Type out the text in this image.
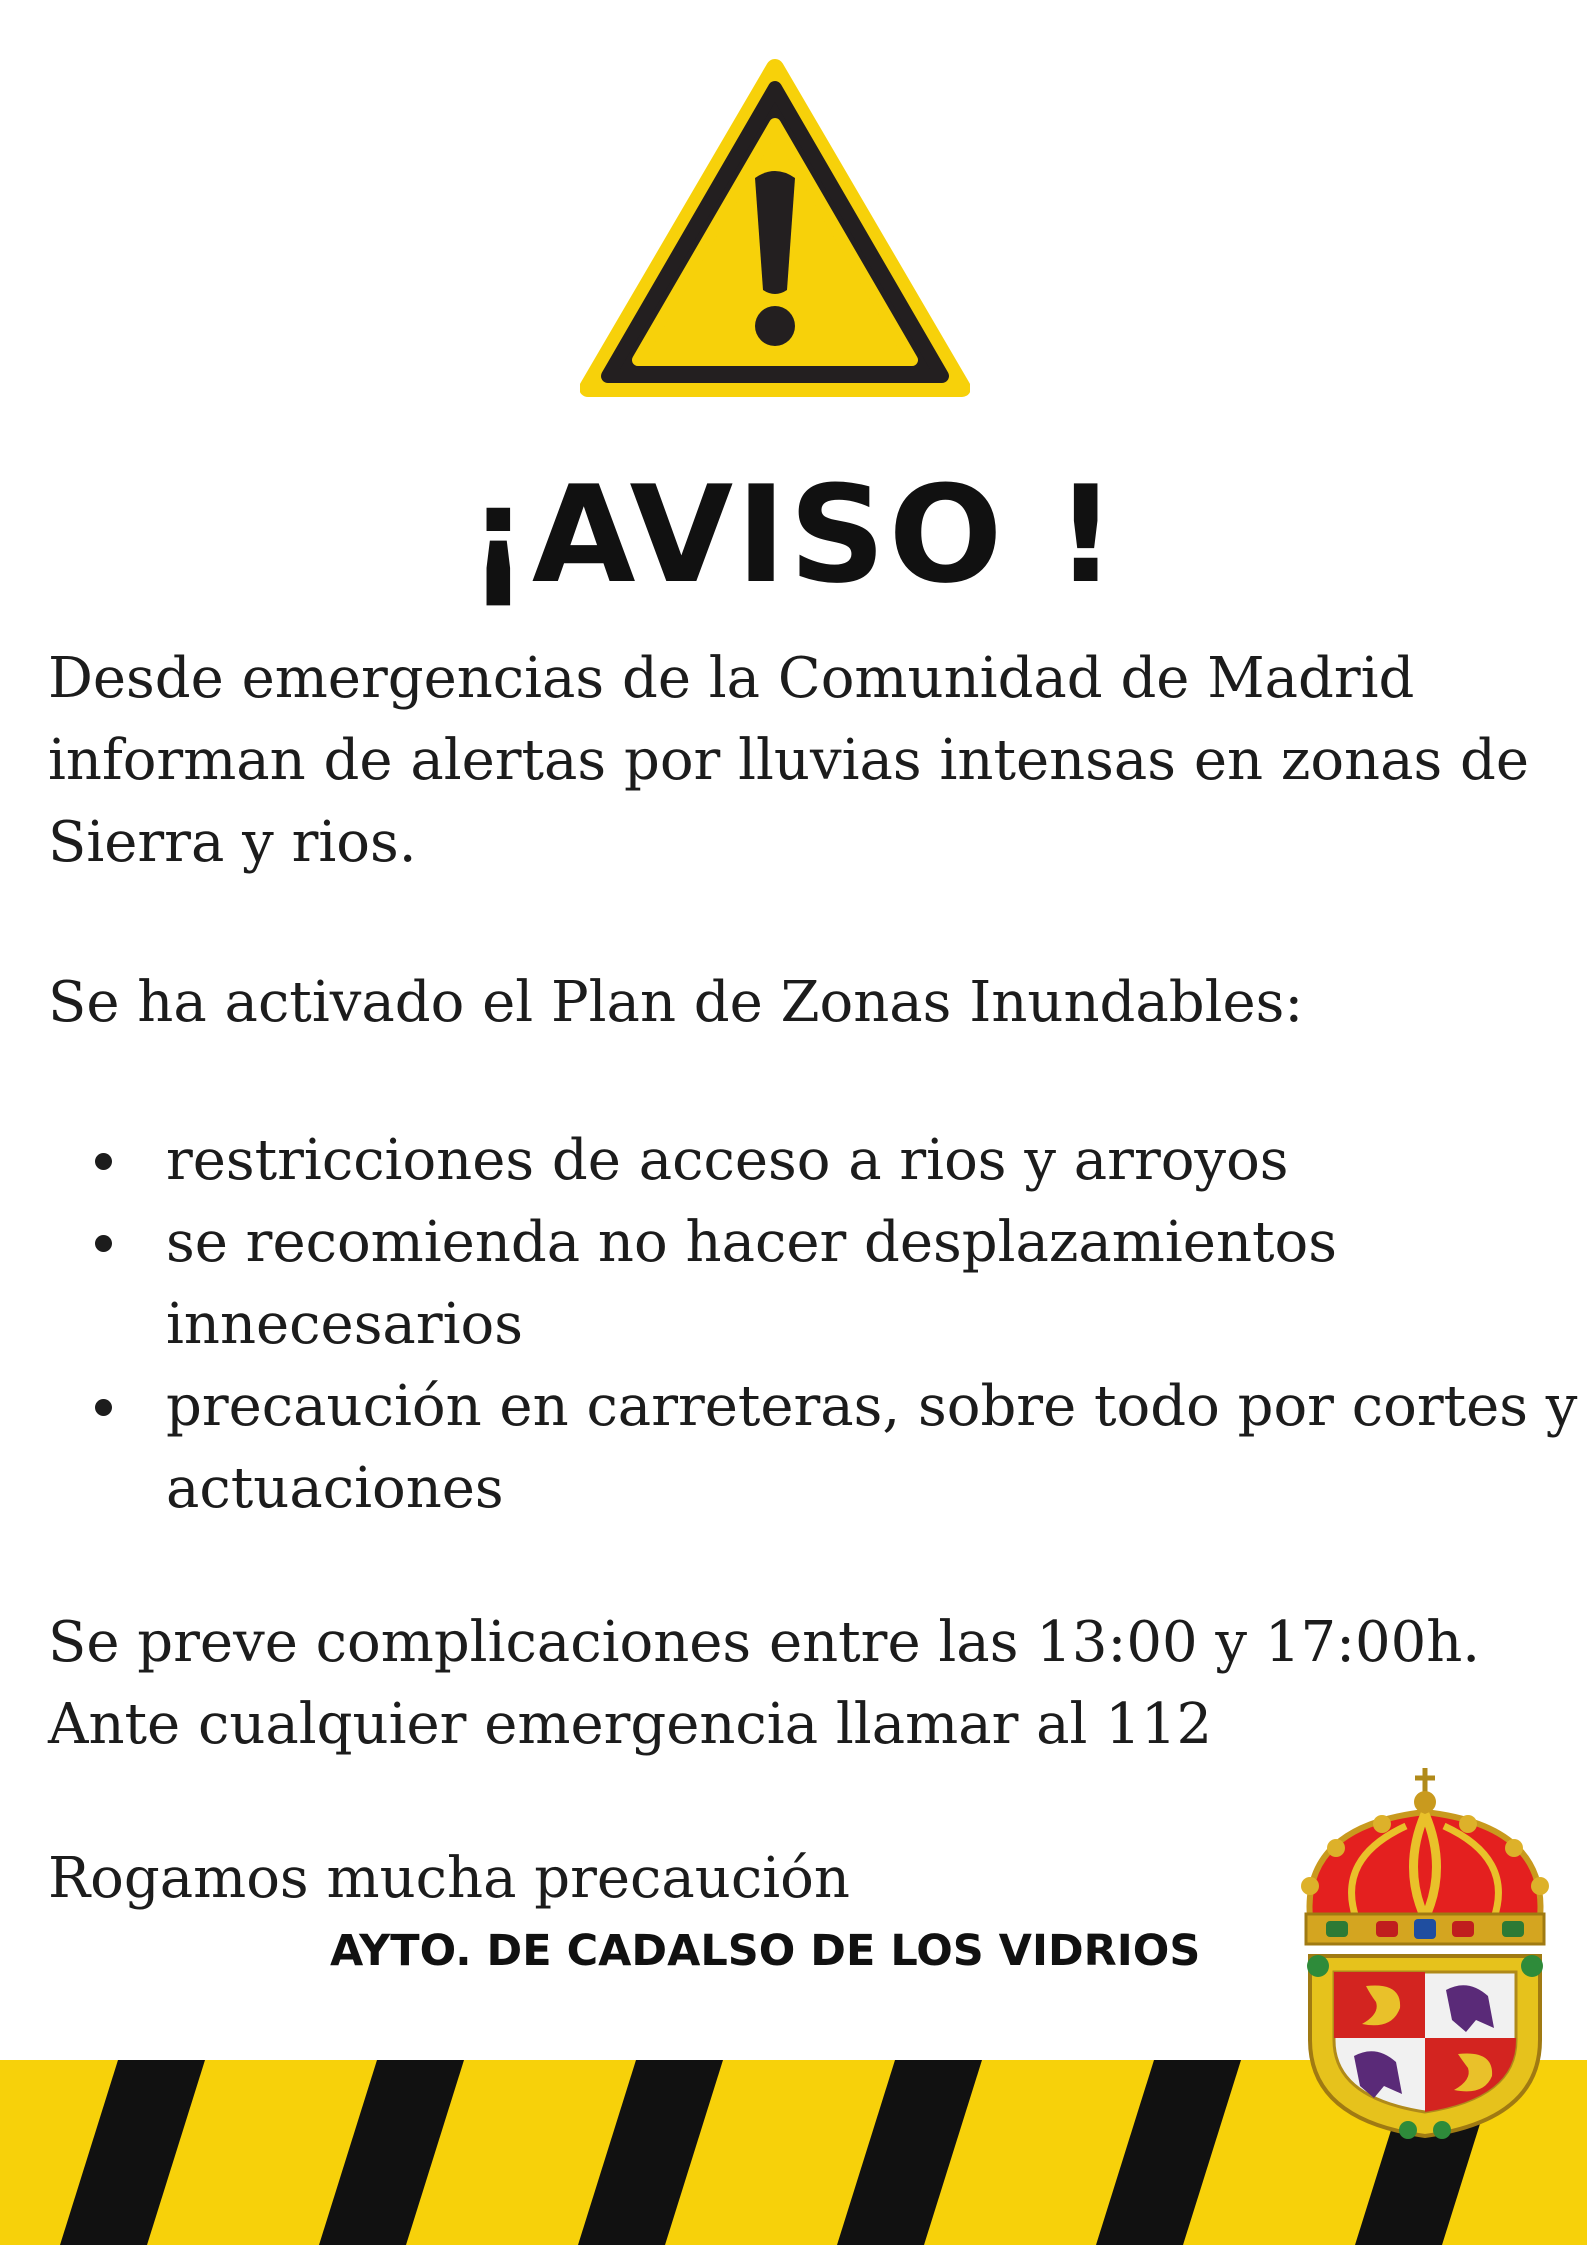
¡AVISO !
Desde emergencias de la Comunidad de Madrid
informan de alertas por lluvias intensas en zonas de
Sierra y rios.
Se ha activado el Plan de Zonas Inundables:
restricciones de acceso a rios y arroyos
se recomienda no hacer desplazamientos
innecesarios
precaución en carreteras, sobre todo por cortes y
actuaciones
Se preve complicaciones entre las 13:00 y 17:00h.
Ante cualquier emergencia llamar al 112
Rogamos mucha precaución
AYTO. DE CADALSO DE LOS VIDRIOS
